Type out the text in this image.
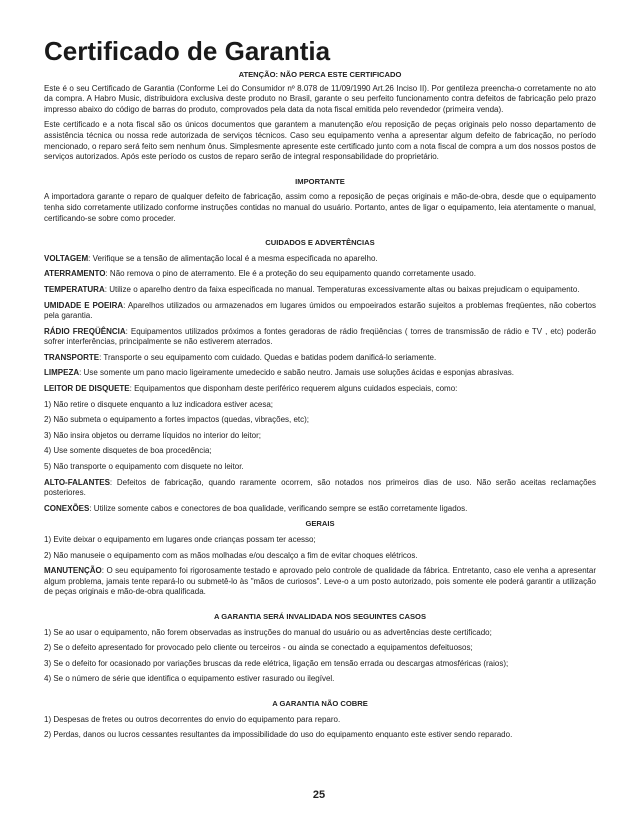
Certificado de Garantia
ATENÇÃO: NÃO PERCA ESTE CERTIFICADO

Este é o seu Certificado de Garantia (Conforme Lei do Consumidor nº 8.078 de 11/09/1990 Art.26 Inciso II). Por gentileza preencha-o corretamente no ato da compra. A Habro Music, distribuidora exclusiva deste produto no Brasil, garante o seu perfeito funcionamento contra defeitos de fabricação pelo prazo impresso abaixo do código de barras do produto, comprovados pela data da nota fiscal emitida pelo revendedor (primeira venda).

Este certificado e a nota fiscal são os únicos documentos que garantem a manutenção e/ou reposição de peças originais pelo nosso departamento de assistência técnica ou nossa rede autorizada de serviços técnicos. Caso seu equipamento venha a apresentar algum defeito de fabricação, no período mencionado, o reparo será feito sem nenhum ônus. Simplesmente apresente este certificado junto com a nota fiscal de compra a um dos nossos postos de serviços autorizados. Após este período os custos de reparo serão de integral responsabilidade do proprietário.

IMPORTANTE

A importadora garante o reparo de qualquer defeito de fabricação, assim como a reposição de peças originais e mão-de-obra, desde que o equipamento tenha sido corretamente utilizado conforme instruções contidas no manual do usuário. Portanto, antes de ligar o equipamento, leia atentamente o manual, certificando-se sobre como proceder.

CUIDADOS E ADVERTÊNCIAS

VOLTAGEM: Verifique se a tensão de alimentação local é a mesma especificada no aparelho.

ATERRAMENTO: Não remova o pino de aterramento. Ele é a proteção do seu equipamento quando corretamente usado.

TEMPERATURA: Utilize o aparelho dentro da faixa especificada no manual. Temperaturas excessivamente altas ou baixas prejudicam o equipamento.

UMIDADE E POEIRA: Aparelhos utilizados ou armazenados em lugares úmidos ou empoeirados estarão sujeitos a problemas freqüentes, não cobertos pela garantia.

RÁDIO FREQÜÊNCIA: Equipamentos utilizados próximos a fontes geradoras de rádio freqüências ( torres de transmissão de rádio e TV , etc) poderão sofrer interferências, principalmente se não estiverem aterrados.

TRANSPORTE: Transporte o seu equipamento com cuidado. Quedas e batidas podem danificá-lo seriamente.

LIMPEZA: Use somente um pano macio ligeiramente umedecido e sabão neutro. Jamais use soluções ácidas e esponjas abrasivas.

LEITOR DE DISQUETE: Equipamentos que disponham deste periférico requerem alguns cuidados especiais, como:

1) Não retire o disquete enquanto a luz indicadora estiver acesa;

2) Não submeta o equipamento a fortes impactos (quedas, vibrações, etc);

3) Não insira objetos ou derrame líquidos no interior do leitor;

4) Use somente disquetes de boa procedência;

5) Não transporte o equipamento com disquete no leitor.

ALTO-FALANTES: Defeitos de fabricação, quando raramente ocorrem, são notados nos primeiros dias de uso. Não serão aceitas reclamações posteriores.

CONEXÕES: Utilize somente cabos e conectores de boa qualidade, verificando sempre se estão corretamente ligados.

GERAIS

1) Evite deixar o equipamento em lugares onde crianças possam ter acesso;

2) Não manuseie o equipamento com as mãos molhadas e/ou descalço a fim de evitar choques elétricos.

MANUTENÇÃO: O seu equipamento foi rigorosamente testado e aprovado pelo controle de qualidade da fábrica. Entretanto, caso ele venha a apresentar algum problema, jamais tente repará-lo ou submetê-lo às "mãos de curiosos". Leve-o a um posto autorizado, pois somente ele poderá garantir a utilização de peças originais e mão-de-obra qualificada.

A GARANTIA SERÁ INVALIDADA NOS SEGUINTES CASOS

1) Se ao usar o equipamento, não forem observadas as instruções do manual do usuário ou as advertências deste certificado;

2) Se o defeito apresentado for provocado pelo cliente ou terceiros - ou ainda se conectado a equipamentos defeituosos;

3) Se o defeito for ocasionado por variações bruscas da rede elétrica, ligação em tensão errada ou descargas atmosféricas (raios);

4) Se o número de série que identifica o equipamento estiver rasurado ou ilegível.

A GARANTIA NÃO COBRE

1) Despesas de fretes ou outros decorrentes do envio do equipamento para reparo.

2) Perdas, danos ou lucros cessantes resultantes da impossibilidade do uso do equipamento enquanto este estiver sendo reparado.

25
